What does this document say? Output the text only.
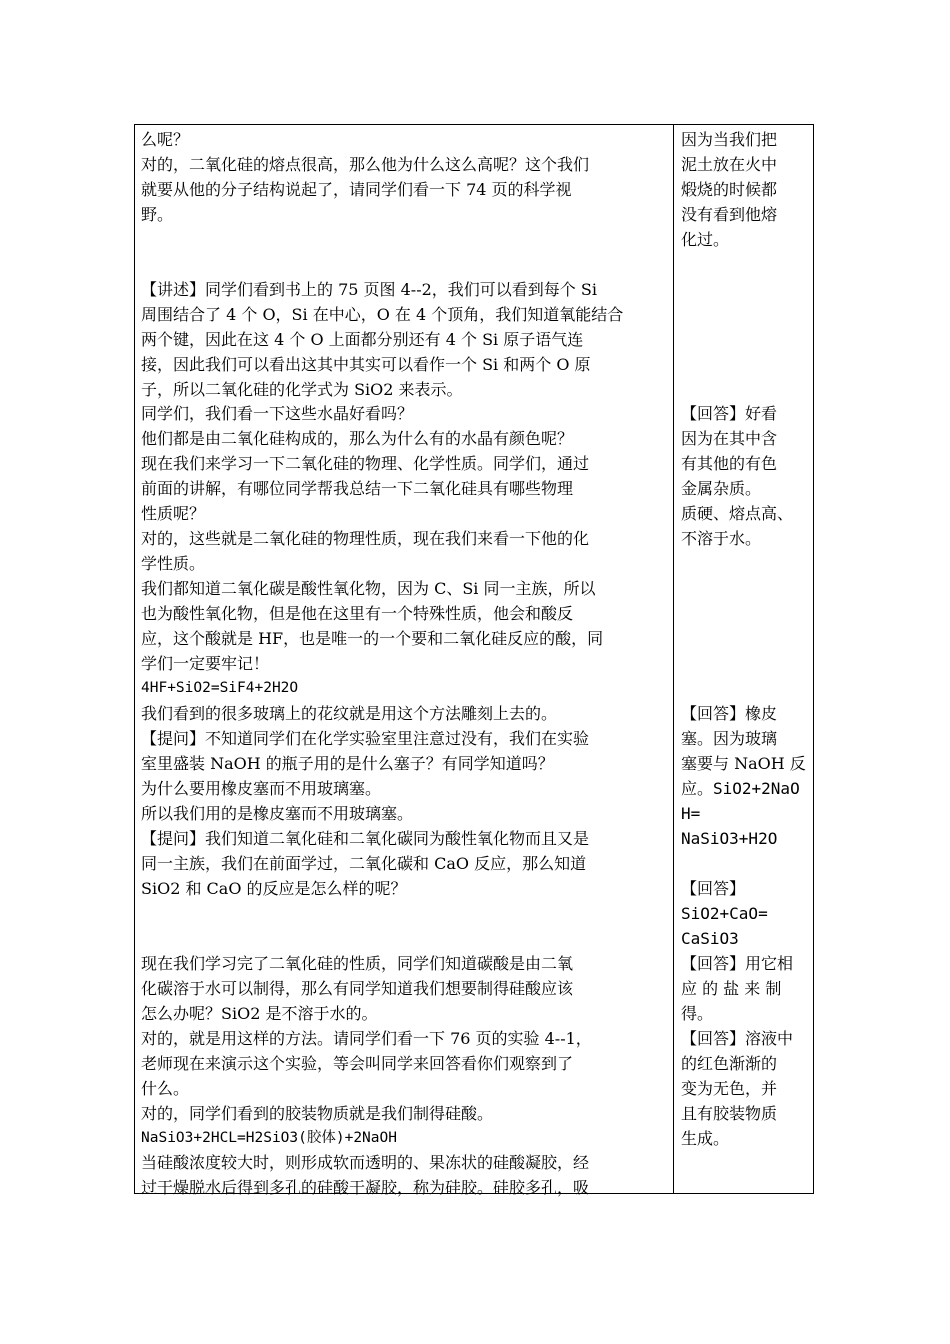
么呢？
对的，二氧化硅的熔点很高，那么他为什么这么高呢？这个我们
就要从他的分子结构说起了，请同学们看一下 74 页的科学视
野。
【讲述】同学们看到书上的 75 页图 4--2，我们可以看到每个 Si
周围结合了 4 个 O，Si 在中心，O 在 4 个顶角，我们知道氧能结合
两个键，因此在这 4 个 O 上面都分别还有 4 个 Si 原子语气连
接，因此我们可以看出这其中其实可以看作一个 Si 和两个 O 原
子，所以二氧化硅的化学式为 SiO2 来表示。
同学们，我们看一下这些水晶好看吗？
他们都是由二氧化硅构成的，那么为什么有的水晶有颜色呢？
现在我们来学习一下二氧化硅的物理、化学性质。同学们，通过
前面的讲解，有哪位同学帮我总结一下二氧化硅具有哪些物理
性质呢？
对的，这些就是二氧化硅的物理性质，现在我们来看一下他的化
学性质。
我们都知道二氧化碳是酸性氧化物，因为 C、Si 同一主族，所以
也为酸性氧化物，但是他在这里有一个特殊性质，他会和酸反
应，这个酸就是 HF，也是唯一的一个要和二氧化硅反应的酸，同
学们一定要牢记！
4HF+SiO2=SiF4+2H2O
我们看到的很多玻璃上的花纹就是用这个方法雕刻上去的。
【提问】不知道同学们在化学实验室里注意过没有，我们在实验
室里盛装 NaOH 的瓶子用的是什么塞子？有同学知道吗？
为什么要用橡皮塞而不用玻璃塞。
所以我们用的是橡皮塞而不用玻璃塞。
【提问】我们知道二氧化硅和二氧化碳同为酸性氧化物而且又是
同一主族，我们在前面学过，二氧化碳和 CaO 反应，那么知道
SiO2 和 CaO 的反应是怎么样的呢？
现在我们学习完了二氧化硅的性质，同学们知道碳酸是由二氧
化碳溶于水可以制得，那么有同学知道我们想要制得硅酸应该
怎么办呢？SiO2 是不溶于水的。
对的，就是用这样的方法。请同学们看一下 76 页的实验 4--1，
老师现在来演示这个实验，等会叫同学来回答看你们观察到了
什么。
对的，同学们看到的胶装物质就是我们制得硅酸。
NaSiO3+2HCL=H2SiO3(胶体)+2NaOH
当硅酸浓度较大时，则形成软而透明的、果冻状的硅酸凝胶，经
过干燥脱水后得到多孔的硅酸干凝胶，称为硅胶。硅胶多孔，吸
因为当我们把
泥土放在火中
煅烧的时候都
没有看到他熔
化过。
【回答】好看
因为在其中含
有其他的有色
金属杂质。
质硬、熔点高、
不溶于水。
【回答】橡皮
塞。因为玻璃
塞要与 NaOH 反
应。SiO2+2NaO
H=
NaSiO3+H2O
【回答】
SiO2+CaO=
CaSiO3
【回答】用它相
应 的 盐 来 制
得。
【回答】溶液中
的红色渐渐的
变为无色，并
且有胶装物质
生成。
